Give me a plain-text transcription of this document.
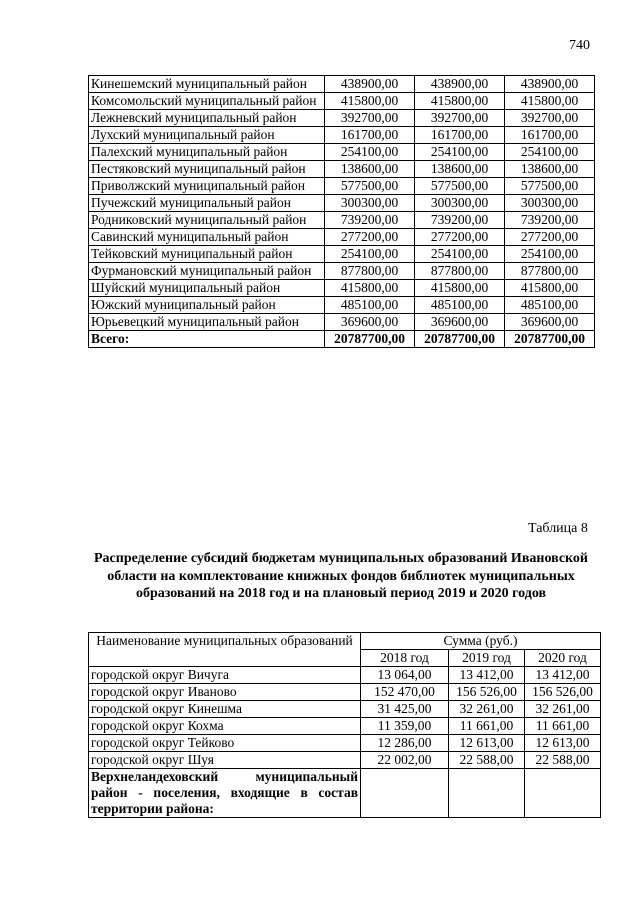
740
Кинешемский муниципальный район	438900,00	438900,00	438900,00
Комсомольский муниципальный район	415800,00	415800,00	415800,00
Лежневский муниципальный район	392700,00	392700,00	392700,00
Лухский муниципальный район	161700,00	161700,00	161700,00
Палехский муниципальный район	254100,00	254100,00	254100,00
Пестяковский муниципальный район	138600,00	138600,00	138600,00
Приволжский муниципальный район	577500,00	577500,00	577500,00
Пучежский муниципальный район	300300,00	300300,00	300300,00
Родниковский муниципальный район	739200,00	739200,00	739200,00
Савинский муниципальный район	277200,00	277200,00	277200,00
Тейковский муниципальный район	254100,00	254100,00	254100,00
Фурмановский муниципальный район	877800,00	877800,00	877800,00
Шуйский муниципальный район	415800,00	415800,00	415800,00
Южский муниципальный район	485100,00	485100,00	485100,00
Юрьевецкий муниципальный район	369600,00	369600,00	369600,00
Всего:	20787700,00	20787700,00	20787700,00
Таблица 8
Распределение субсидий бюджетам муниципальных образований Ивановской области на комплектование книжных фондов библиотек муниципальных образований на 2018 год и на плановый период 2019 и 2020 годов
Наименование муниципальных образований	Сумма (руб.)		
	2018 год	2019 год	2020 год
городской округ Вичуга	13 064,00	13 412,00	13 412,00
городской округ Иваново	152 470,00	156 526,00	156 526,00
городской округ Кинешма	31 425,00	32 261,00	32 261,00
городской округ Кохма	11 359,00	11 661,00	11 661,00
городской округ Тейково	12 286,00	12 613,00	12 613,00
городской округ Шуя	22 002,00	22 588,00	22 588,00
Верхнеландеховский муниципальный район - поселения, входящие в состав территории района:			
